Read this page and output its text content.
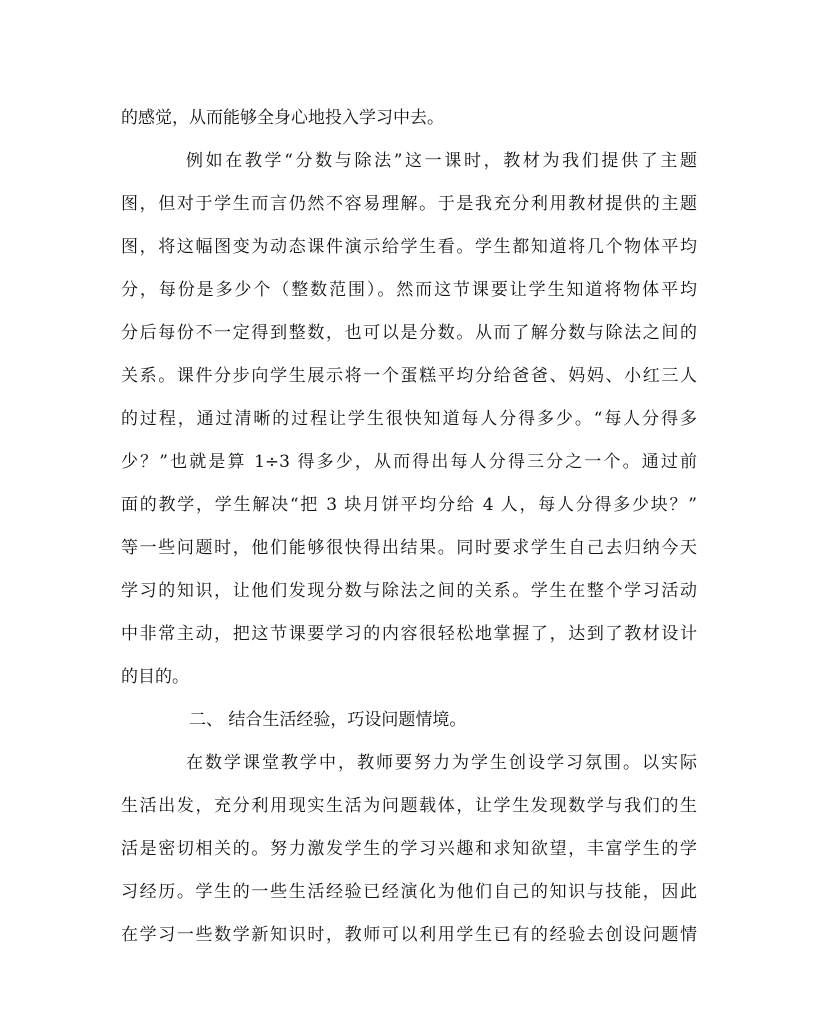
的感觉，从而能够全身心地投入学习中去。
例如在教学“分数与除法”这一课时，教材为我们提供了主题
图，但对于学生而言仍然不容易理解。于是我充分利用教材提供的主题
图，将这幅图变为动态课件演示给学生看。学生都知道将几个物体平均
分，每份是多少个（整数范围）。然而这节课要让学生知道将物体平均
分后每份不一定得到整数，也可以是分数。从而了解分数与除法之间的
关系。课件分步向学生展示将一个蛋糕平均分给爸爸、妈妈、小红三人
的过程，通过清晰的过程让学生很快知道每人分得多少。“每人分得多
少？”也就是算 1÷3 得多少，从而得出每人分得三分之一个。通过前
面的教学，学生解决“把 3 块月饼平均分给 4 人，每人分得多少块？”
等一些问题时，他们能够很快得出结果。同时要求学生自己去归纳今天
学习的知识，让他们发现分数与除法之间的关系。学生在整个学习活动
中非常主动，把这节课要学习的内容很轻松地掌握了，达到了教材设计
的目的。
二、 结合生活经验，巧设问题情境。
在数学课堂教学中，教师要努力为学生创设学习氛围。以实际
生活出发，充分利用现实生活为问题载体，让学生发现数学与我们的生
活是密切相关的。努力激发学生的学习兴趣和求知欲望，丰富学生的学
习经历。学生的一些生活经验已经演化为他们自己的知识与技能，因此
在学习一些数学新知识时，教师可以利用学生已有的经验去创设问题情
